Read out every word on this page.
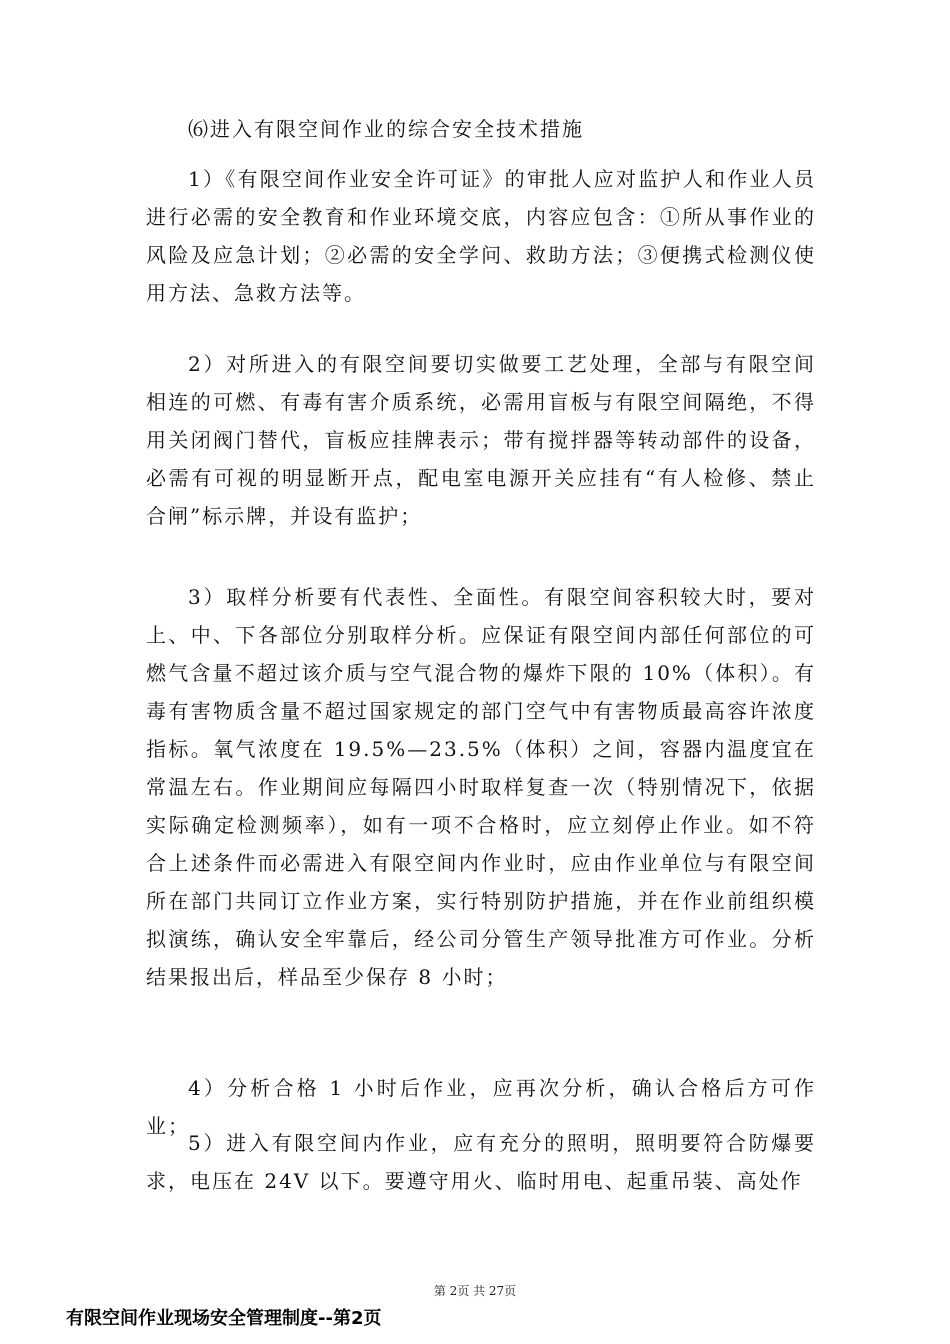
⑹进入有限空间作业的综合安全技术措施

1）《有限空间作业安全许可证》的审批人应对监护人和作业人员进行必需的安全教育和作业环境交底，内容应包含：①所从事作业的风险及应急计划；②必需的安全学问、救助方法；③便携式检测仪使用方法、急救方法等。

2）对所进入的有限空间要切实做要工艺处理，全部与有限空间相连的可燃、有毒有害介质系统，必需用盲板与有限空间隔绝，不得用关闭阀门替代，盲板应挂牌表示；带有搅拌器等转动部件的设备，必需有可视的明显断开点，配电室电源开关应挂有“有人检修、禁止合闸”标示牌，并设有监护；

3）取样分析要有代表性、全面性。有限空间容积较大时，要对上、中、下各部位分别取样分析。应保证有限空间内部任何部位的可燃气含量不超过该介质与空气混合物的爆炸下限的 10%（体积）。有毒有害物质含量不超过国家规定的部门空气中有害物质最高容许浓度指标。氧气浓度在 19.5%—23.5%（体积）之间，容器内温度宜在常温左右。作业期间应每隔四小时取样复查一次（特别情况下，依据实际确定检测频率），如有一项不合格时，应立刻停止作业。如不符合上述条件而必需进入有限空间内作业时，应由作业单位与有限空间所在部门共同订立作业方案，实行特别防护措施，并在作业前组织模拟演练，确认安全牢靠后，经公司分管生产领导批准方可作业。分析结果报出后，样品至少保存 8 小时；

4）分析合格 1 小时后作业，应再次分析，确认合格后方可作业；

5）进入有限空间内作业，应有充分的照明，照明要符合防爆要求，电压在 24V 以下。要遵守用火、临时用电、起重吊装、高处作

第 2页 共 27页
有限空间作业现场安全管理制度--第2页
